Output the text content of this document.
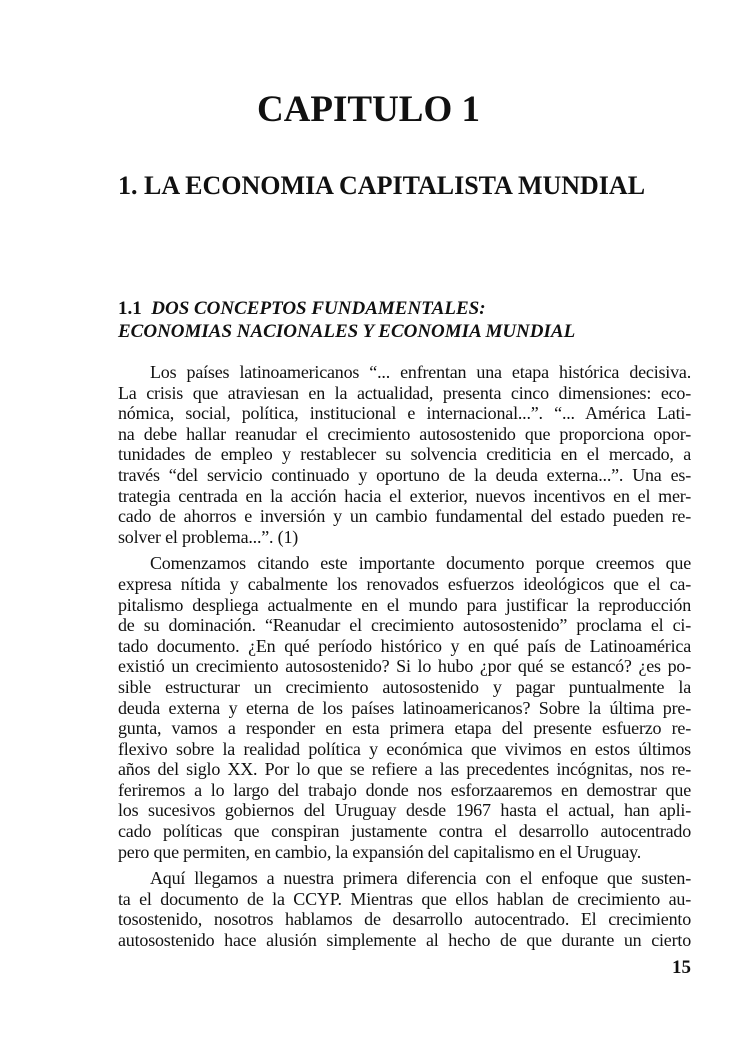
CAPITULO 1
1. LA ECONOMIA CAPITALISTA MUNDIAL
1.1 DOS CONCEPTOS FUNDAMENTALES:
ECONOMIAS NACIONALES Y ECONOMIA MUNDIAL
Los países latinoamericanos “... enfrentan una etapa histórica decisiva.
La crisis que atraviesan en la actualidad, presenta cinco dimensiones: eco-
nómica, social, política, institucional e internacional...”. “... América Lati-
na debe hallar reanudar el crecimiento autosostenido que proporciona opor-
tunidades de empleo y restablecer su solvencia crediticia en el mercado, a
través “del servicio continuado y oportuno de la deuda externa...”. Una es-
trategia centrada en la acción hacia el exterior, nuevos incentivos en el mer-
cado de ahorros e inversión y un cambio fundamental del estado pueden re-
solver el problema...”. (1)
Comenzamos citando este importante documento porque creemos que
expresa nítida y cabalmente los renovados esfuerzos ideológicos que el ca-
pitalismo despliega actualmente en el mundo para justificar la reproducción
de su dominación. “Reanudar el crecimiento autosostenido” proclama el ci-
tado documento. ¿En qué período histórico y en qué país de Latinoamérica
existió un crecimiento autosostenido? Si lo hubo ¿por qué se estancó? ¿es po-
sible estructurar un crecimiento autosostenido y pagar puntualmente la
deuda externa y eterna de los países latinoamericanos? Sobre la última pre-
gunta, vamos a responder en esta primera etapa del presente esfuerzo re-
flexivo sobre la realidad política y económica que vivimos en estos últimos
años del siglo XX. Por lo que se refiere a las precedentes incógnitas, nos re-
feriremos a lo largo del trabajo donde nos esforzaaremos en demostrar que
los sucesivos gobiernos del Uruguay desde 1967 hasta el actual, han apli-
cado políticas que conspiran justamente contra el desarrollo autocentrado
pero que permiten, en cambio, la expansión del capitalismo en el Uruguay.
Aquí llegamos a nuestra primera diferencia con el enfoque que susten-
ta el documento de la CCYP. Mientras que ellos hablan de crecimiento au-
tosostenido, nosotros hablamos de desarrollo autocentrado. El crecimiento
autosostenido hace alusión simplemente al hecho de que durante un cierto
15
